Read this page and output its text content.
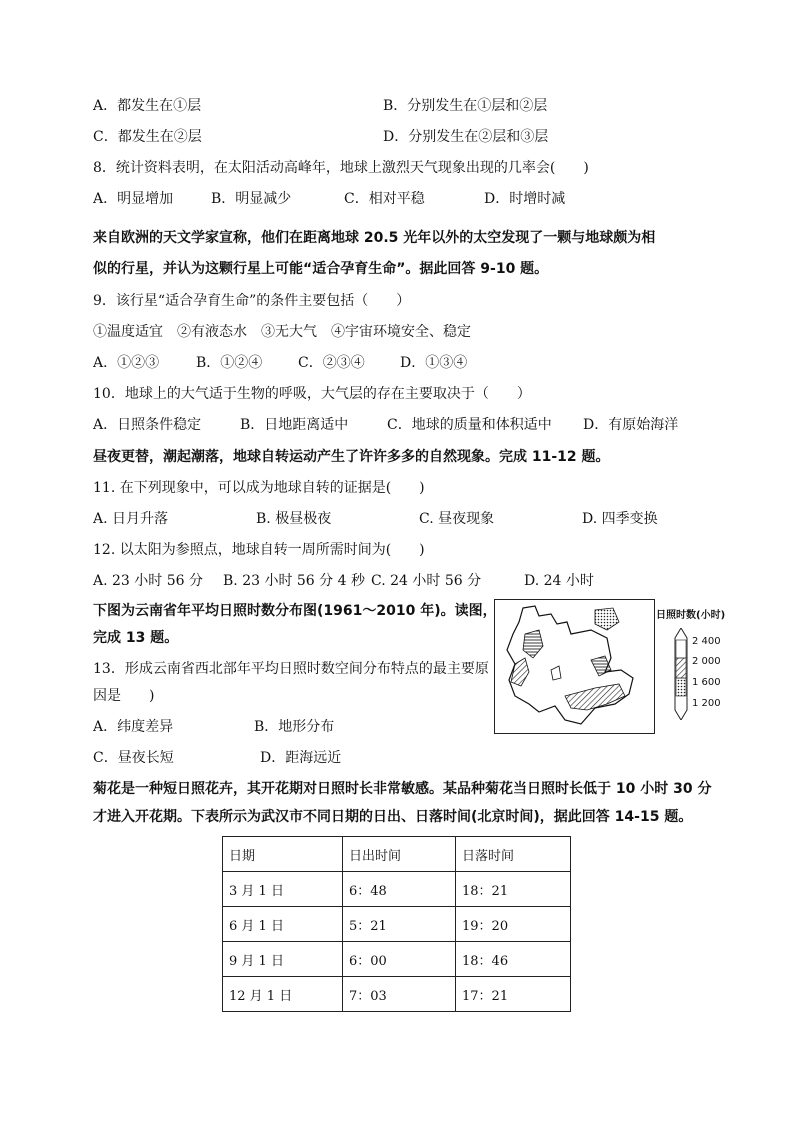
A．都发生在①层	B．分别发生在①层和②层
C．都发生在②层	D．分别发生在②层和③层
8．统计资料表明，在太阳活动高峰年，地球上激烈天气现象出现的几率会(　　)
A．明显增加	B．明显减少	C．相对平稳	D．时增时减
来自欧洲的天文学家宣称，他们在距离地球 20.5 光年以外的太空发现了一颗与地球颇为相
似的行星，并认为这颗行星上可能“适合孕育生命”。据此回答 9-10 题。
9．该行星“适合孕育生命”的条件主要包括（　　）
①温度适宜　②有液态水　③无大气　④宇宙环境安全、稳定
A．①②③	B．①②④	C．②③④	D．①③④
10．地球上的大气适于生物的呼吸，大气层的存在主要取决于（　　）
A．日照条件稳定	B．日地距离适中	C．地球的质量和体积适中 D．有原始海洋
昼夜更替，潮起潮落，地球自转运动产生了许许多多的自然现象。完成 11-12 题。
11. 在下列现象中，可以成为地球自转的证据是(　　)
A. 日月升落	B. 极昼极夜	C. 昼夜现象	D. 四季变换
12. 以太阳为参照点，地球自转一周所需时间为(　　)
A. 23 小时 56 分 B. 23 小时 56 分 4 秒 C. 24 小时 56 分	D. 24 小时
下图为云南省年平均日照时数分布图(1961～2010 年)。读图，
完成 13 题。
13．形成云南省西北部年平均日照时数空间分布特点的最主要原
因是　　)
A．纬度差异	B．地形分布
C．昼夜长短	D．距海远近
日照时数(小时)
2 400
2 000
1 600
1 200
菊花是一种短日照花卉，其开花期对日照时长非常敏感。某品种菊花当日照时长低于 10 小时 30 分
才进入开花期。下表所示为武汉市不同日期的日出、日落时间(北京时间)，据此回答 14-15 题。
日期	日出时间	日落时间
3 月 1 日	6：48	18：21
6 月 1 日	5：21	19：20
9 月 1 日	6：00	18：46
12 月 1 日	7：03	17：21
